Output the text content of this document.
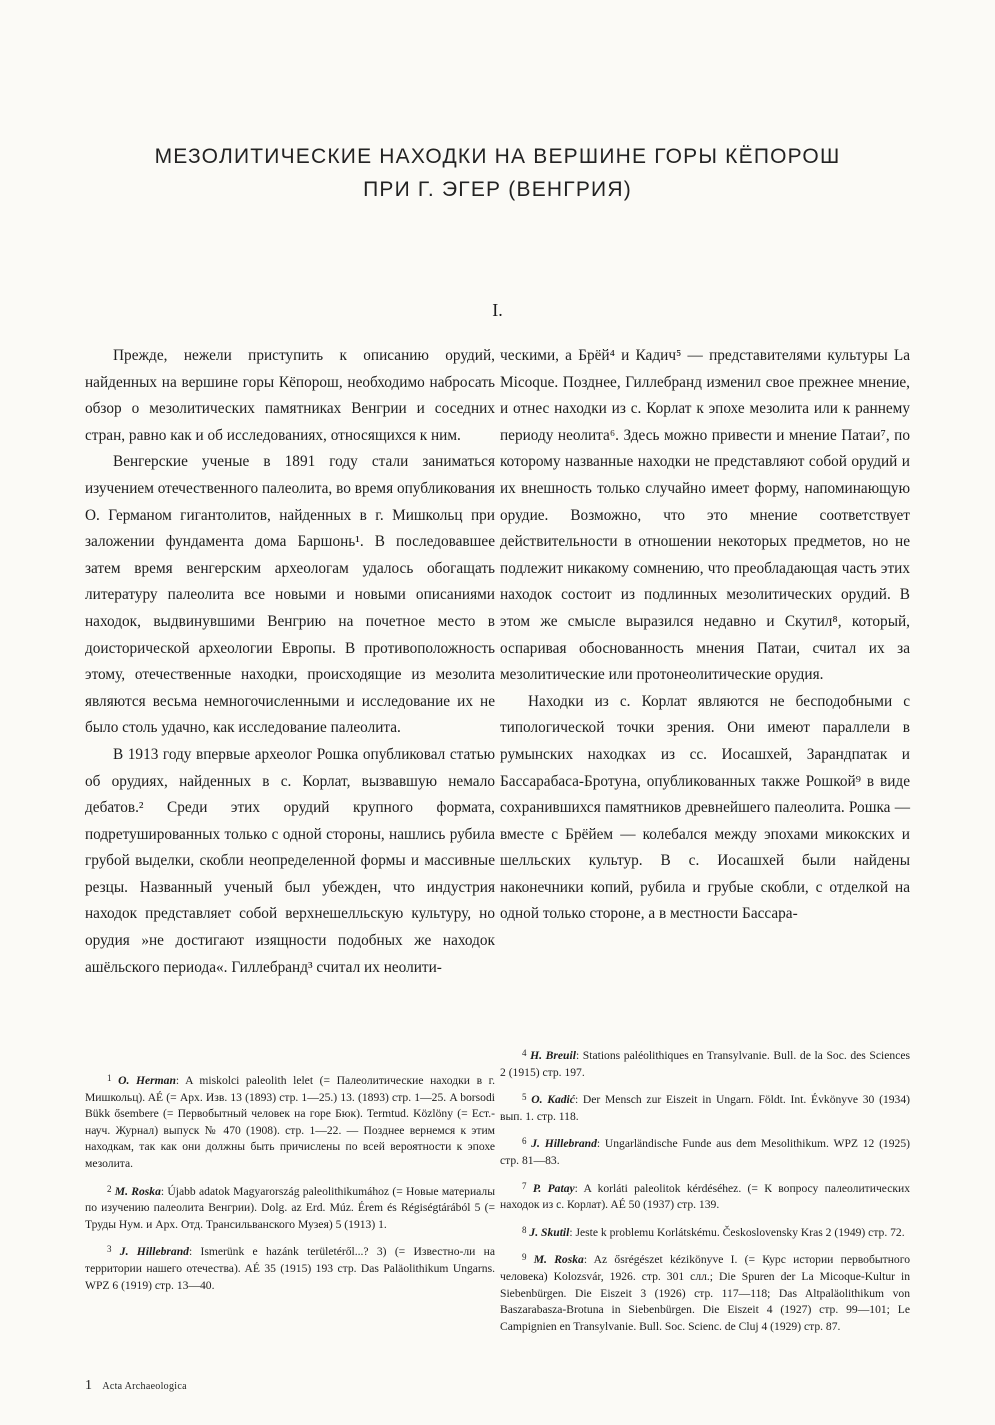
МЕЗОЛИТИЧЕСКИЕ НАХОДКИ НА ВЕРШИНЕ ГОРЫ КЁПОРОШ
ПРИ Г. ЭГЕР (ВЕНГРИЯ)
I.

Прежде, нежели приступить к описанию орудий, найденных на вершине горы Кёпорош, необходимо набросать обзор о мезолитических памятниках Венгрии и соседних стран, равно как и об исследованиях, относящихся к ним.

Венгерские ученые в 1891 году стали заниматься изучением отечественного палеолита, во время опубликования О. Германом гигантолитов, найденных в г. Мишкольц при заложении фундамента дома Баршонь¹. В последовавшее затем время венгерским археологам удалось обогащать литературу палеолита все новыми и новыми описаниями находок, выдвинувшими Венгрию на почетное место в доисторической археологии Европы. В противоположность этому, отечественные находки, происходящие из мезолита являются весьма немногочисленными и исследование их не было столь удачно, как исследование палеолита.

В 1913 году впервые археолог Рошка опубликовал статью об орудиях, найденных в с. Корлат, вызвавшую немало дебатов.² Среди этих орудий крупного формата, подретушированных только с одной стороны, нашлись рубила грубой выделки, скобли неопределенной формы и массивные резцы. Названный ученый был убежден, что индустрия находок представляет собой верхнешелльскую культуру, но орудия »не достигают изящности подобных же находок ашёльского периода«. Гиллебранд³ считал их неолити-

ческими, а Брёй⁴ и Кадич⁵ — представителями культуры La Micoque. Позднее, Гиллебранд изменил свое прежнее мнение, и отнес находки из с. Корлат к эпохе мезолита или к раннему периоду неолита⁶. Здесь можно привести и мнение Патаи⁷, по которому названные находки не представляют собой орудий и их внешность только случайно имеет форму, напоминающую орудие. Возможно, что это мнение соответствует действительности в отношении некоторых предметов, но не подлежит никакому сомнению, что преобладающая часть этих находок состоит из подлинных мезолитических орудий. В этом же смысле выразился недавно и Скутил⁸, который, оспаривая обоснованность мнения Патаи, считал их за мезолитические или протонеолитические орудия.

Находки из с. Корлат являются не бесподобными с типологической точки зрения. Они имеют параллели в румынских находках из сс. Иосашхей, Зарандпатак и Бассарабаса-Бротуна, опубликованных также Рошкой⁹ в виде сохранившихся памятников древнейшего палеолита. Рошка — вместе с Брёйем — колебался между эпохами микокских и шелльских культур. В с. Иосашхей были найдены наконечники копий, рубила и грубые скобли, с отделкой на одной только стороне, а в местности Бассара-

$^1$ O. Herman: A miskolci paleolith lelet (= Палеолитические находки в г. Мишкольц). AÉ (= Арх. Изв. 13 (1893) стр. 1—25.) 13. (1893) стр. 1—25. A borsodi Bükk ősembere (= Первобытный человек на горе Бюк). Termtud. Közlöny (= Ест.-науч. Журнал) выпуск № 470 (1908). стр. 1—22. — Позднее вернемся к этим находкам, так как они должны быть причислены по всей вероятности к эпохе мезолита.

$^2$ M. Roska: Újabb adatok Magyarország paleolithikumához (= Новые материалы по изучению палеолита Венгрии). Dolg. az Erd. Múz. Érem és Régiségtárából 5 (= Труды Нум. и Арх. Отд. Трансильванского Музея) 5 (1913) 1.

$^3$ J. Hillebrand: Ismerünk e hazánk területéről...? 3) (= Известно-ли на территории нашего отечества). AÉ 35 (1915) 193 стр. Das Paläolithikum Ungarns. WPZ 6 (1919) стр. 13—40.

$^4$ H. Breuil: Stations paléolithiques en Transylvanie. Bull. de la Soc. des Sciences 2 (1915) стр. 197.

$^5$ O. Kadić: Der Mensch zur Eiszeit in Ungarn. Földt. Int. Évkönyve 30 (1934) вып. 1. стр. 118.

$^6$ J. Hillebrand: Ungarländische Funde aus dem Mesolithikum. WPZ 12 (1925) стр. 81—83.

$^7$ P. Patay: A korláti paleolitok kérdéséhez. (= К вопросу палеолитических находок из с. Корлат). AÉ 50 (1937) стр. 139.

$^8$ J. Skutil: Jeste k problemu Korlátskému. Československy Kras 2 (1949) стр. 72.

$^9$ M. Roska: Az ősrégészet kézikönyve I. (= Курс истории первобытного человека) Kolozsvár, 1926. стр. 301 слл.; Die Spuren der La Micoque-Kultur in Siebenbürgen. Die Eiszeit 3 (1926) стр. 117—118; Das Altpaläolithikum von Baszarabasza-Brotuna in Siebenbürgen. Die Eiszeit 4 (1927) стр. 99—101; Le Campignien en Transylvanie. Bull. Soc. Scienc. de Cluj 4 (1929) стр. 87.

1 Acta Archaeologica
